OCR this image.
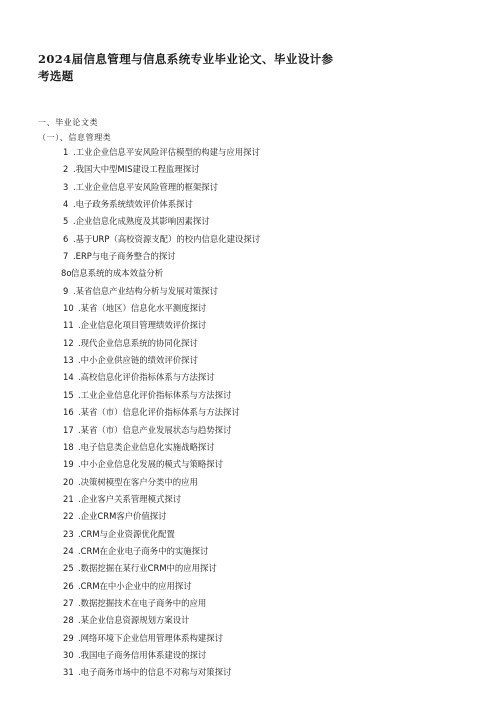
2024届信息管理与信息系统专业毕业论文、毕业设计参考选题
一、毕业论文类
（一）、信息管理类
1 .工业企业信息平安风险评估模型的构建与应用探讨
2 .我国大中型MIS建设工程监理探讨
3 .工业企业信息平安风险管理的框架探讨
4 .电子政务系统绩效评价体系探讨
5 .企业信息化成熟度及其影响因素探讨
6 .基于URP（高校资源支配）的校内信息化建设探讨
7 .ERP与电子商务整合的探讨
8o 信息系统的成本效益分析
9 .某省信息产业结构分析与发展对策探讨
10 .某省（地区）信息化水平测度探讨
11 .企业信息化项目管理绩效评价探讨
12 .现代企业信息系统的协同化探讨
13 .中小企业供应链的绩效评价探讨
14 .高校信息化评价指标体系与方法探讨
15 .工业企业信息化评价指标体系与方法探讨
16 .某省（市）信息化评价指标体系与方法探讨
17 .某省（市）信息产业发展状态与趋势探讨
18 .电子信息类企业信息化实施战略探讨
19 .中小企业信息化发展的模式与策略探讨
20 .决策树模型在客户分类中的应用
21 .企业客户关系管理模式探讨
22 .企业CRM客户价值探讨
23 .CRM与企业资源优化配置
24 .CRM在企业电子商务中的实施探讨
25 .数据挖掘在某行业CRM中的应用探讨
26 .CRM在中小企业中的应用探讨
27 .数据挖掘技术在电子商务中的应用
28 .某企业信息资源规划方案设计
29 .网络环境下企业信用管理体系构建探讨
30 .我国电子商务信用体系建设的探讨
31 .电子商务市场中的信息不对称与对策探讨
